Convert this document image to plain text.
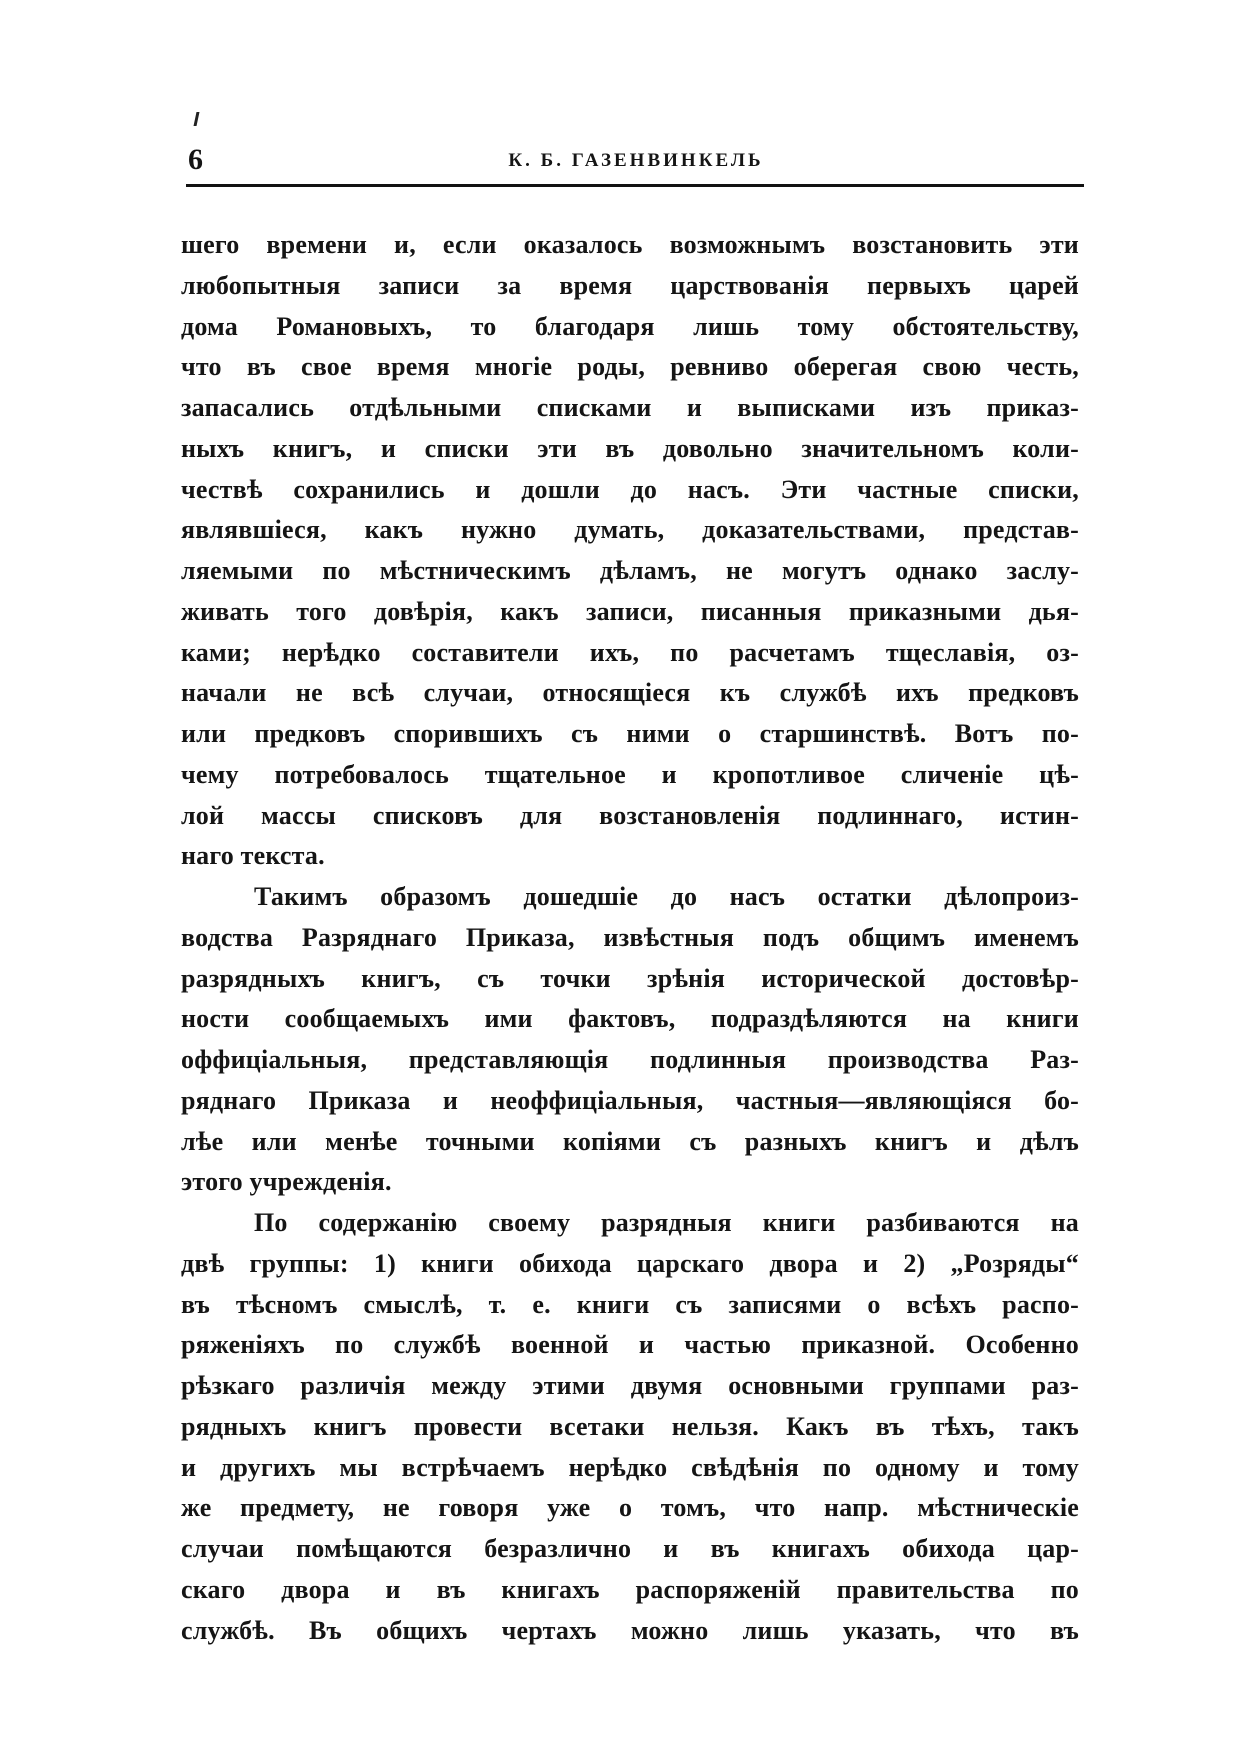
6	К. Б. ГАЗЕНВИНКЕЛЬ
шего времени и, если оказалось возможнымъ возстановить эти
любопытныя записи за время царствованія первыхъ царей
дома Романовыхъ, то благодаря лишь тому обстоятельству,
что въ свое время многіе роды, ревниво оберегая свою честь,
запасались отдѣльными списками и выписками изъ приказ-
ныхъ книгъ, и списки эти въ довольно значительномъ коли-
чествѣ сохранились и дошли до насъ. Эти частные списки,
являвшіеся, какъ нужно думать, доказательствами, представ-
ляемыми по мѣстническимъ дѣламъ, не могутъ однако заслу-
живать того довѣрія, какъ записи, писанныя приказными дья-
ками; нерѣдко составители ихъ, по расчетамъ тщеславія, оз-
начали не всѣ случаи, относящіеся къ службѣ ихъ предковъ
или предковъ спорившихъ съ ними о старшинствѣ. Вотъ по-
чему потребовалось тщательное и кропотливое сличеніе цѣ-
лой массы списковъ для возстановленія подлиннаго, истин-
наго текста.
Такимъ образомъ дошедшіе до насъ остатки дѣлопроиз-
водства Разряднаго Приказа, извѣстныя подъ общимъ именемъ
разрядныхъ книгъ, съ точки зрѣнія исторической достовѣр-
ности сообщаемыхъ ими фактовъ, подраздѣляются на книги
оффиціальныя, представляющія подлинныя производства Раз-
ряднаго Приказа и неоффиціальныя, частныя—являющіяся бо-
лѣе или менѣе точными копіями съ разныхъ книгъ и дѣлъ
этого учрежденія.
По содержанію своему разрядныя книги разбиваются на
двѣ группы: 1) книги обихода царскаго двора и 2) „Розряды“
въ тѣсномъ смыслѣ, т. е. книги съ записями о всѣхъ распо-
ряженіяхъ по службѣ военной и частью приказной. Особенно
рѣзкаго различія между этими двумя основными группами раз-
рядныхъ книгъ провести всетаки нельзя. Какъ въ тѣхъ, такъ
и другихъ мы встрѣчаемъ нерѣдко свѣдѣнія по одному и тому
же предмету, не говоря уже о томъ, что напр. мѣстническіе
случаи помѣщаются безразлично и въ книгахъ обихода цар-
скаго двора и въ книгахъ распоряженій правительства по
службѣ. Въ общихъ чертахъ можно лишь указать, что въ
